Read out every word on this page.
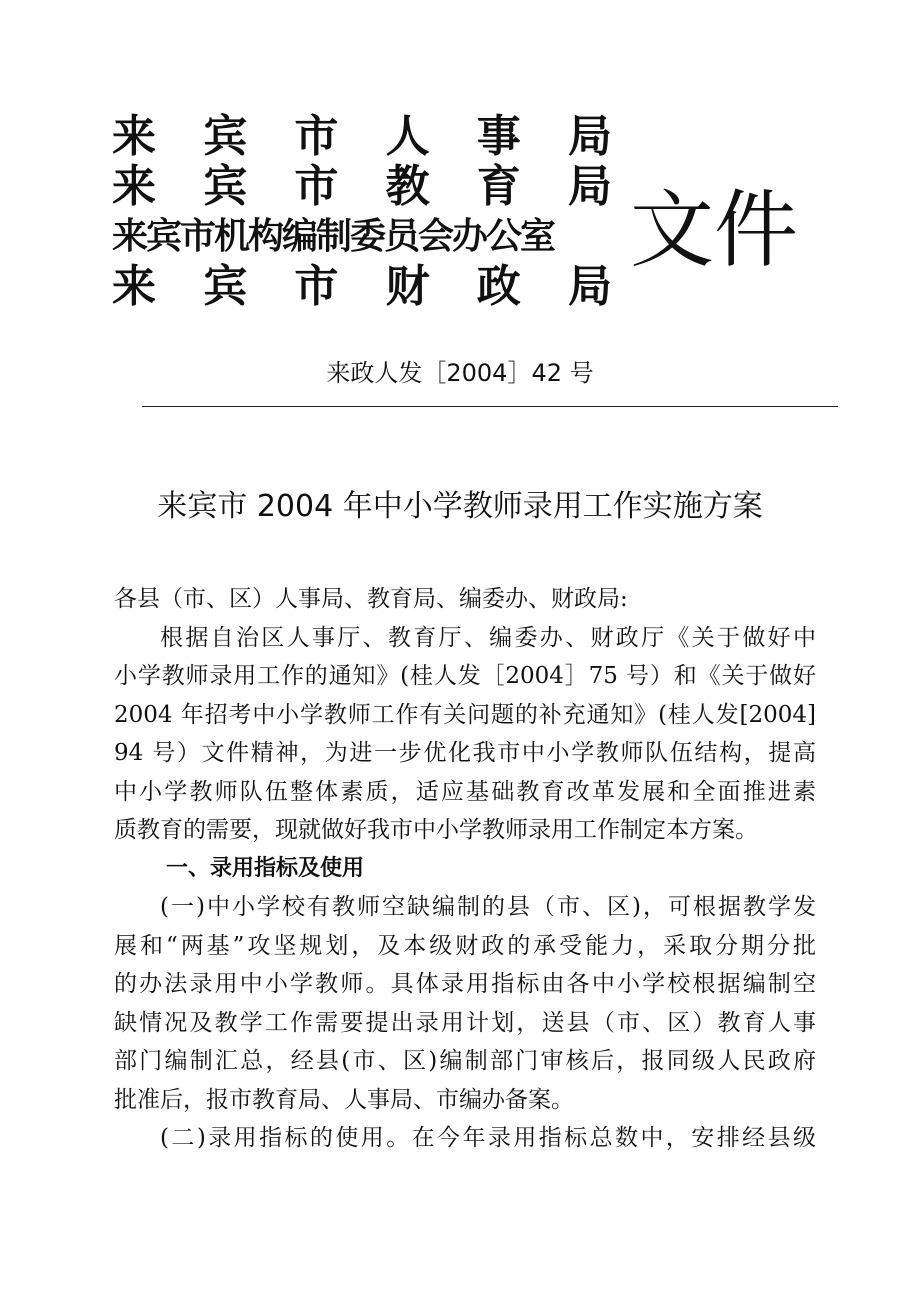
来 宾 市 人 事 局
来 宾 市 教 育 局
来宾市机构编制委员会办公室
来 宾 市 财 政 局
文件
来政人发［2004］42 号
来宾市 2004 年中小学教师录用工作实施方案
各县（市、区）人事局、教育局、编委办、财政局:
根据自治区人事厅、教育厅、编委办、财政厅《关于做好中
小学教师录用工作的通知》(桂人发［2004］75 号）和《关于做好
2004 年招考中小学教师工作有关问题的补充通知》(桂人发[2004]
94 号）文件精神，为进一步优化我市中小学教师队伍结构，提高
中小学教师队伍整体素质，适应基础教育改革发展和全面推进素
质教育的需要，现就做好我市中小学教师录用工作制定本方案。
一、录用指标及使用
(一)中小学校有教师空缺编制的县（市、区)，可根据教学发
展和“两基”攻坚规划，及本级财政的承受能力，采取分期分批
的办法录用中小学教师。具体录用指标由各中小学校根据编制空
缺情况及教学工作需要提出录用计划，送县（市、区）教育人事
部门编制汇总，经县(市、区)编制部门审核后，报同级人民政府
批准后，报市教育局、人事局、市编办备案。
(二)录用指标的使用。在今年录用指标总数中，安排经县级
